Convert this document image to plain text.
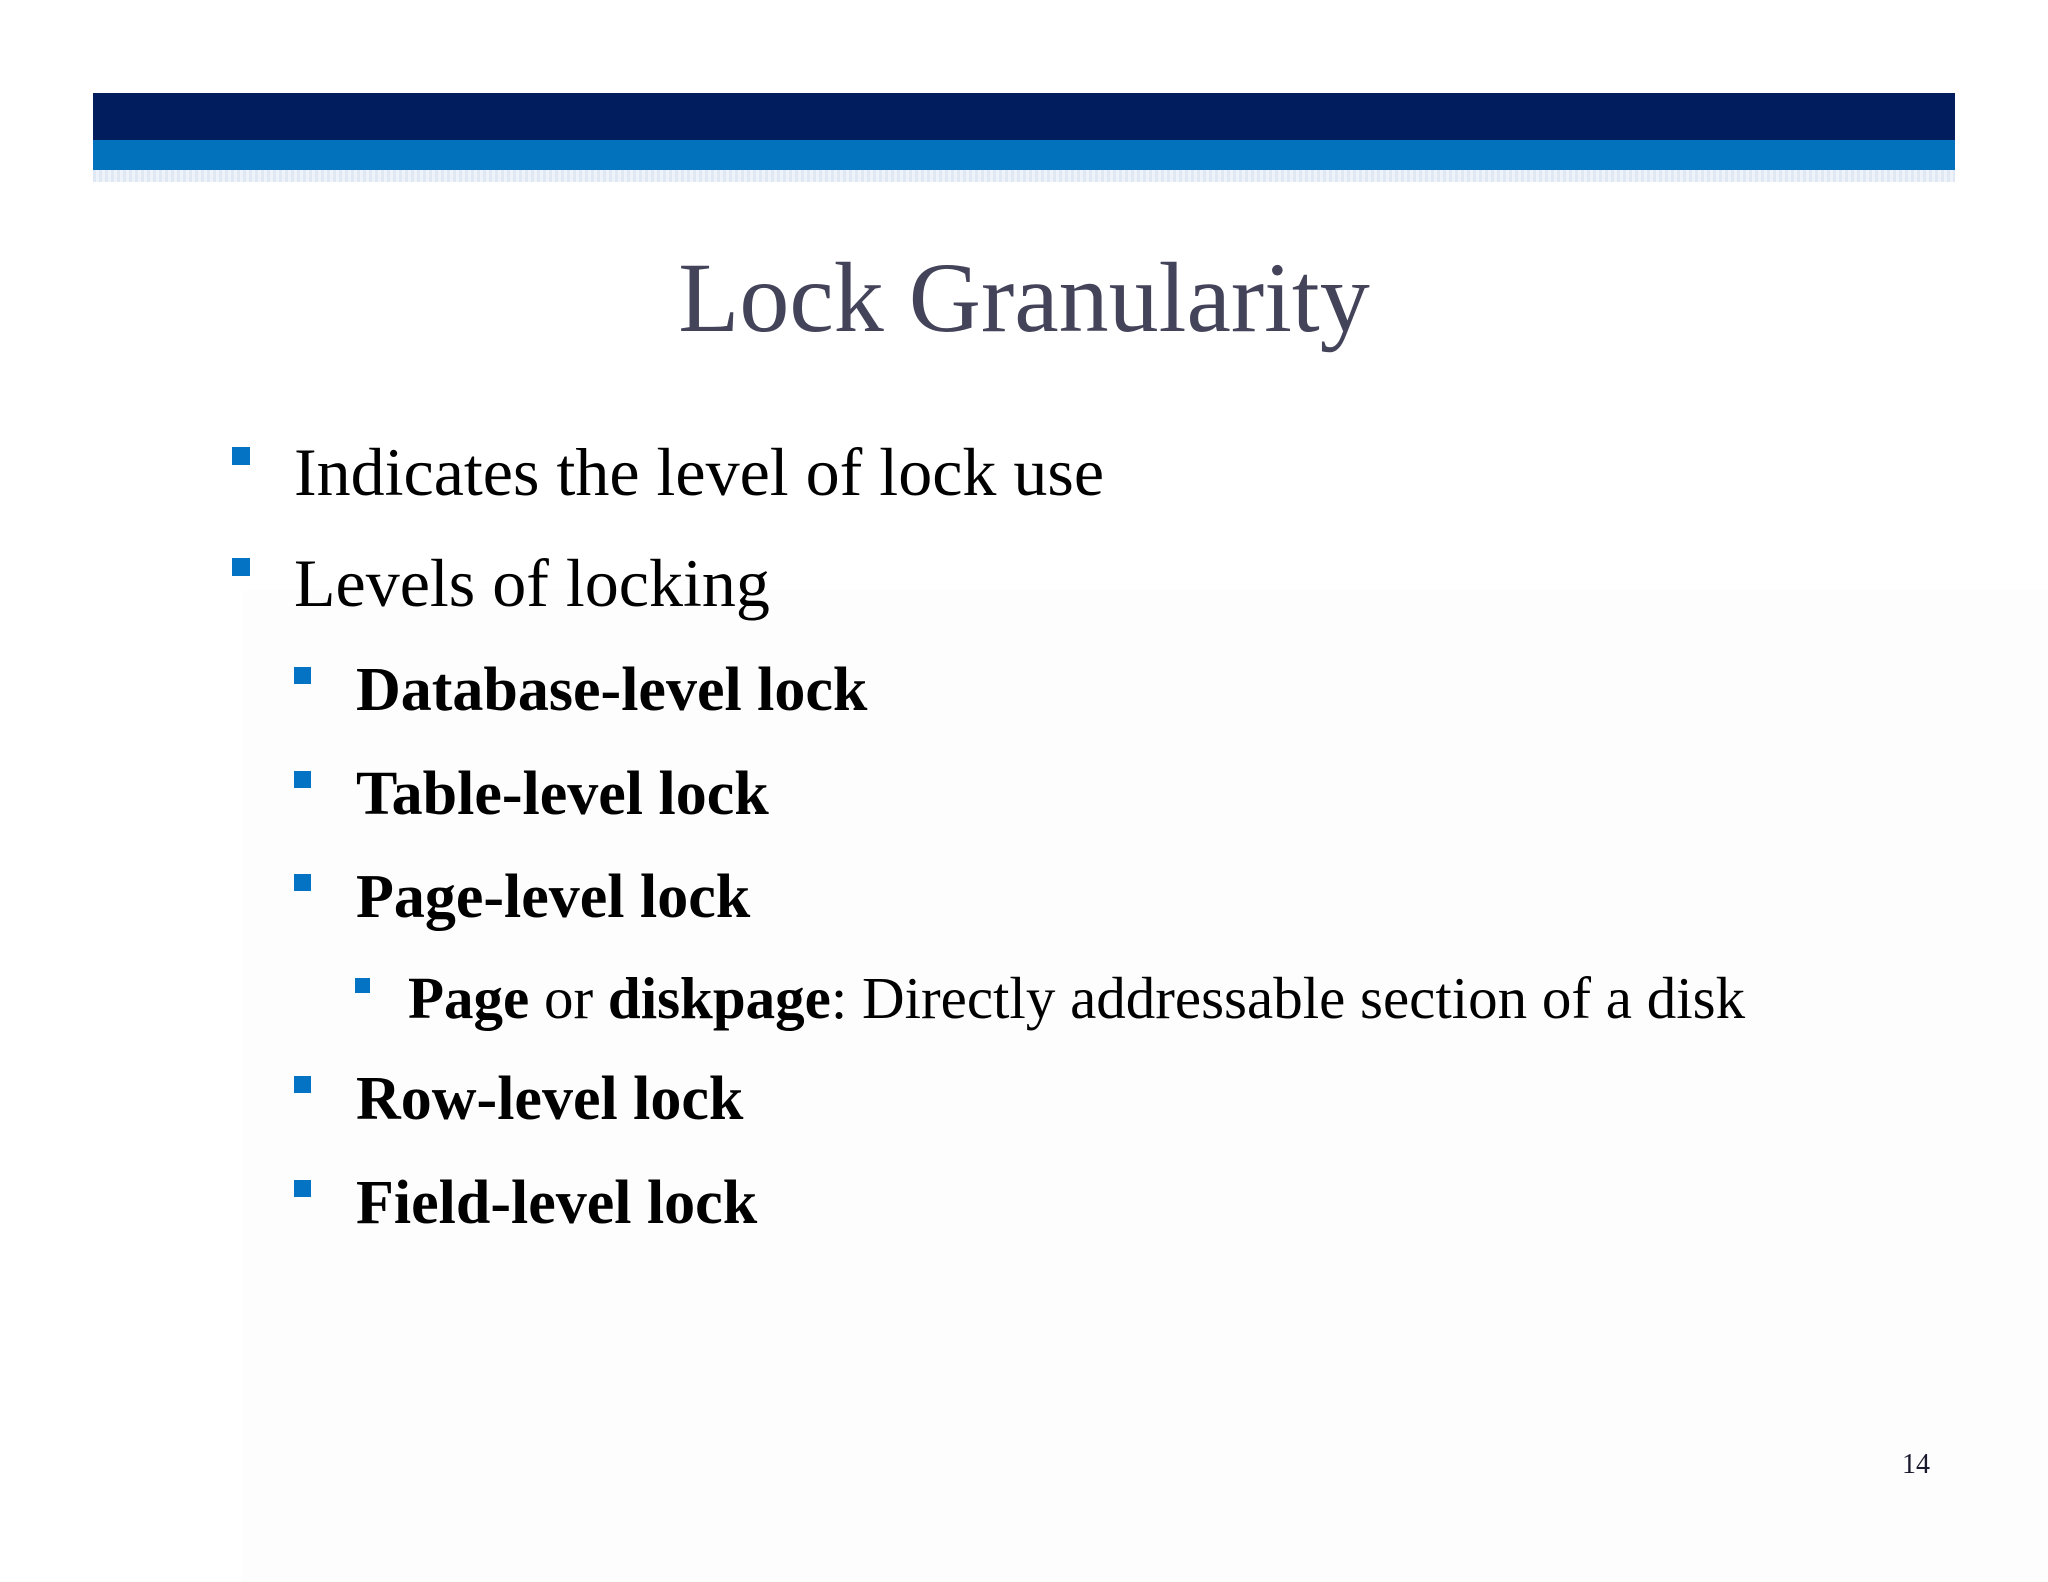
Lock Granularity
Indicates the level of lock use
Levels of locking
Database-level lock
Table-level lock
Page-level lock
Page or diskpage: Directly addressable section of a disk
Row-level lock
Field-level lock
14
